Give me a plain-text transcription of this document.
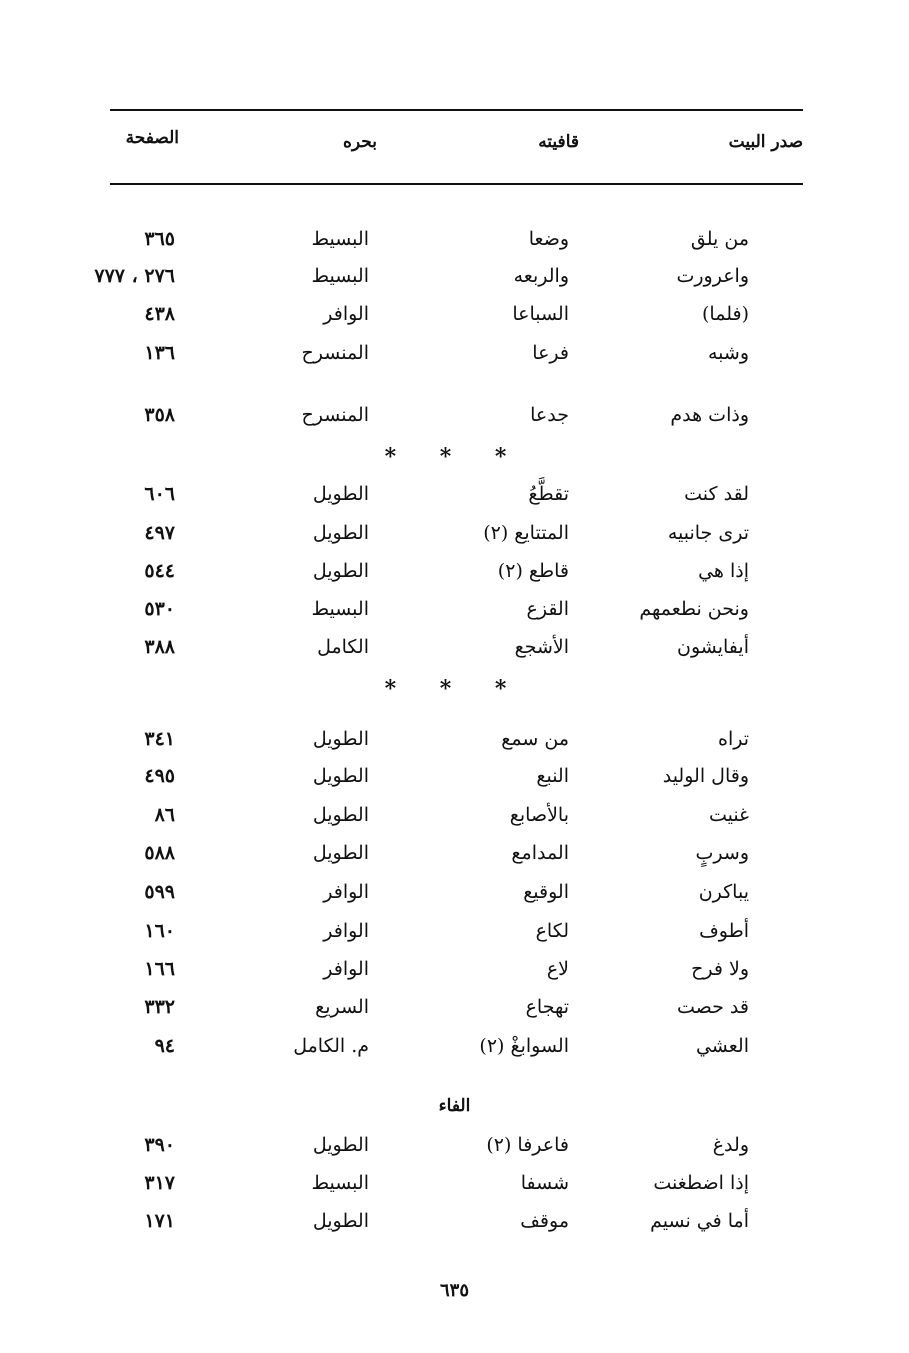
صدر البيت
قافيته
بحره
الصفحة
من يلق
وضعا
البسيط
٣٦٥
واعرورت
والربعه
البسيط
٢٧٦ ، ٧٧٧
(فلما)
السباعا
الوافر
٤٣٨
وشبه
فرعا
المنسرح
١٣٦
وذات هدم
جدعا
المنسرح
٣٥٨
* * *
لقد كنت
تقطَّعُ
الطويل
٦٠٦
ترى جانبيه
المتتايع (٢)
الطويل
٤٩٧
إذا هي
قاطع (٢)
الطويل
٥٤٤
ونحن نطعمهم
القزع
البسيط
٥٣٠
أيفايشون
الأشجع
الكامل
٣٨٨
* * *
تراه
من سمع
الطويل
٣٤١
وقال الوليد
النبع
الطويل
٤٩٥
غنيت
بالأصابع
الطويل
٨٦
وسربٍ
المدامع
الطويل
٥٨٨
يباكرن
الوقيع
الوافر
٥٩٩
أطوف
لكاع
الوافر
١٦٠
ولا فرح
لاع
الوافر
١٦٦
قد حصت
تهجاع
السريع
٣٣٢
العشي
السوابغْ (٢)
م. الكامل
٩٤
الفاء
ولدغ
فاعرفا (٢)
الطويل
٣٩٠
إذا اضطغنت
شسفا
البسيط
٣١٧
أما في نسيم
موقف
الطويل
١٧١
٦٣٥
